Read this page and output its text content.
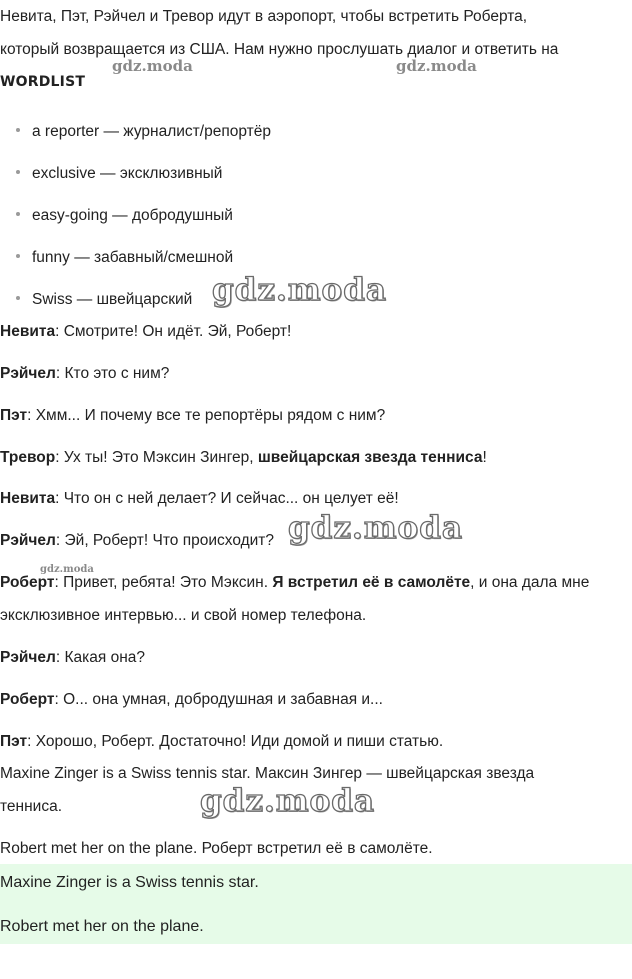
Невита, Пэт, Рэйчел и Тревор идут в аэропорт, чтобы встретить Роберта,
который возвращается из США. Нам нужно прослушать диалог и ответить на
WORDLIST
a reporter — журналист/репортёр
exclusive — эксклюзивный
easy-going — добродушный
funny — забавный/смешной
Swiss — швейцарский
Невита: Смотрите! Он идёт. Эй, Роберт!
Рэйчел: Кто это с ним?
Пэт: Хмм... И почему все те репортёры рядом с ним?
Тревор: Ух ты! Это Мэксин Зингер, швейцарская звезда тенниса!
Невита: Что он с ней делает? И сейчас... он целует её!
Рэйчел: Эй, Роберт! Что происходит?
Роберт: Привет, ребята! Это Мэксин. Я встретил её в самолёте, и она дала мне
эксклюзивное интервью... и свой номер телефона.
Рэйчел: Какая она?
Роберт: О... она умная, добродушная и забавная и...
Пэт: Хорошо, Роберт. Достаточно! Иди домой и пиши статью.
Maxine Zinger is a Swiss tennis star. Максин Зингер — швейцарская звезда
тенниса.
Robert met her on the plane. Роберт встретил её в самолёте.
Maxine Zinger is a Swiss tennis star.
Robert met her on the plane.
gdz.moda	gdz.moda
gdz.moda
gdz.moda
gdz.moda
gdz.moda
